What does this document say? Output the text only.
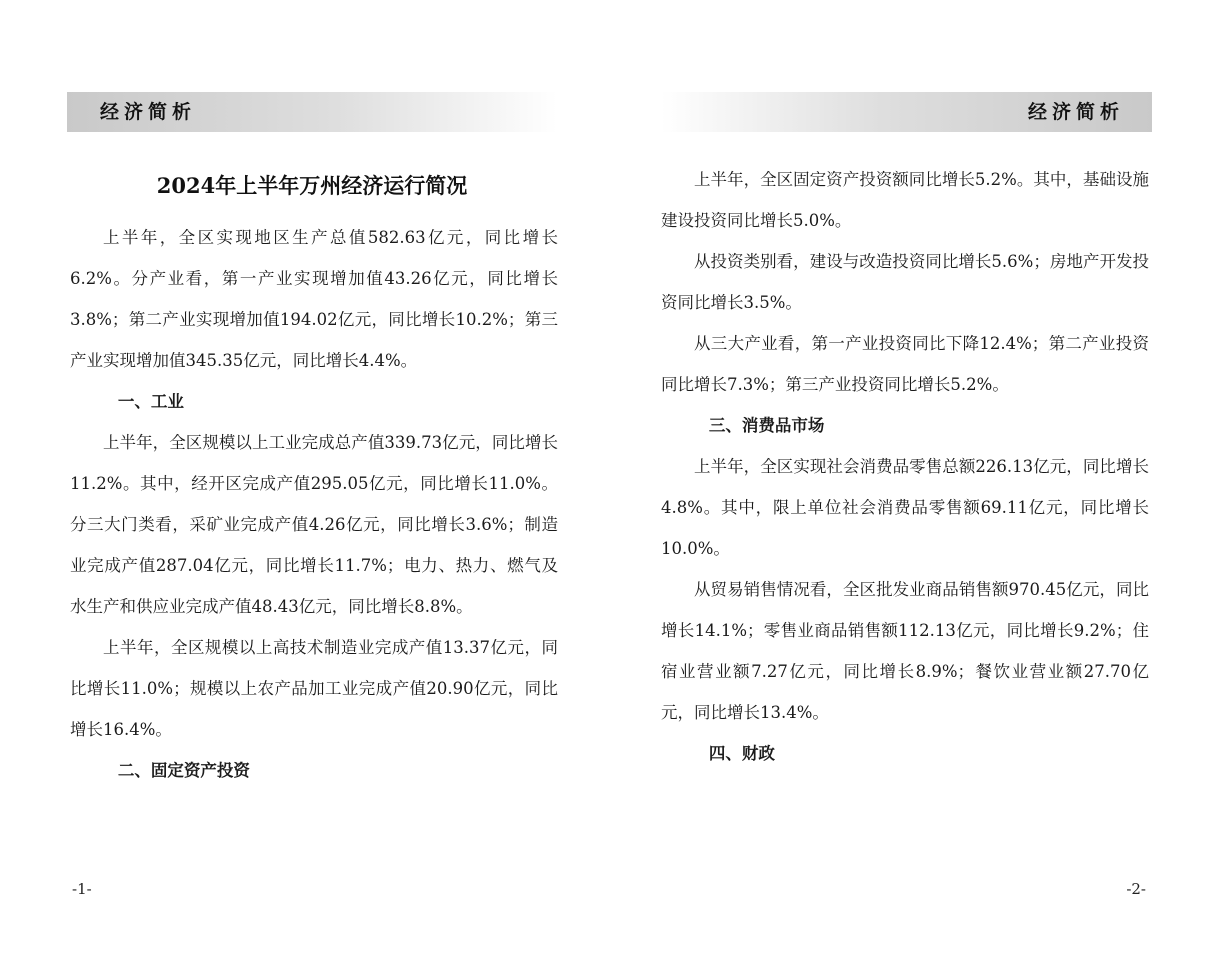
经济简析
2024年上半年万州经济运行简况

上半年，全区实现地区生产总值582.63亿元，同比增长6.2%。分产业看，第一产业实现增加值43.26亿元，同比增长3.8%；第二产业实现增加值194.02亿元，同比增长10.2%；第三产业实现增加值345.35亿元，同比增长4.4%。

一、工业

上半年，全区规模以上工业完成总产值339.73亿元，同比增长11.2%。其中，经开区完成产值295.05亿元，同比增长11.0%。分三大门类看，采矿业完成产值4.26亿元，同比增长3.6%；制造业完成产值287.04亿元，同比增长11.7%；电力、热力、燃气及水生产和供应业完成产值48.43亿元，同比增长8.8%。

上半年，全区规模以上高技术制造业完成产值13.37亿元，同比增长11.0%；规模以上农产品加工业完成产值20.90亿元，同比增长16.4%。

二、固定资产投资
-1-
经济简析

上半年，全区固定资产投资额同比增长5.2%。其中，基础设施建设投资同比增长5.0%。

从投资类别看，建设与改造投资同比增长5.6%；房地产开发投资同比增长3.5%。

从三大产业看，第一产业投资同比下降12.4%；第二产业投资同比增长7.3%；第三产业投资同比增长5.2%。

三、消费品市场

上半年，全区实现社会消费品零售总额226.13亿元，同比增长4.8%。其中，限上单位社会消费品零售额69.11亿元，同比增长10.0%。

从贸易销售情况看，全区批发业商品销售额970.45亿元，同比增长14.1%；零售业商品销售额112.13亿元，同比增长9.2%；住宿业营业额7.27亿元，同比增长8.9%；餐饮业营业额27.70亿元，同比增长13.4%。

四、财政
-2-
